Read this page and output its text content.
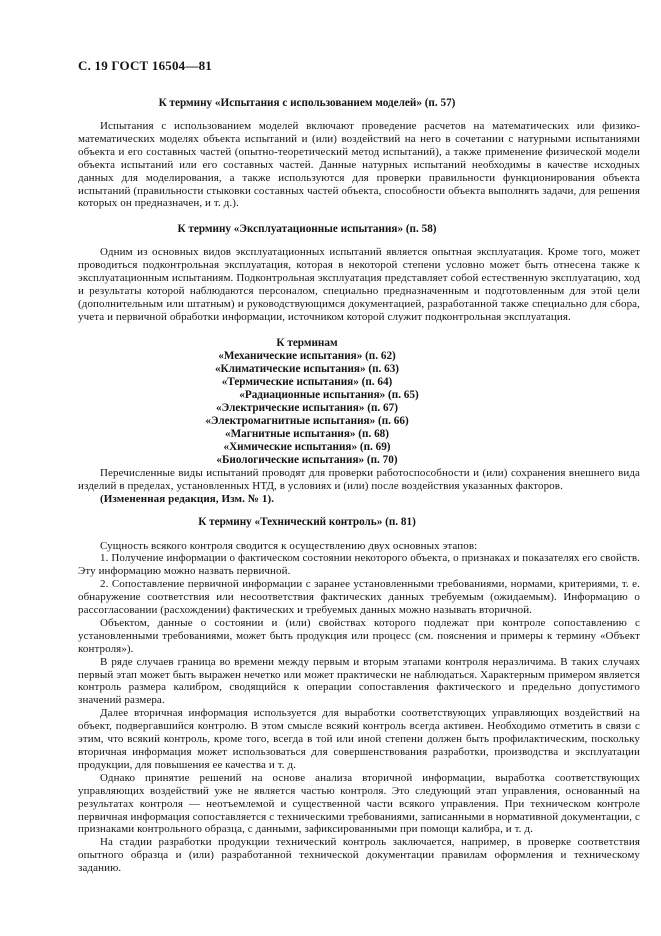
С. 19 ГОСТ 16504—81
К термину «Испытания с использованием моделей» (п. 57)

Испытания с использованием моделей включают проведение расчетов на математических или физико-математических моделях объекта испытаний и (или) воздействий на него в сочетании с натурными испытаниями объекта и его составных частей (опытно-теоретический метод испытаний), а также применение физической модели объекта испытаний или его составных частей. Данные натурных испытаний необходимы в качестве исходных данных для моделирования, а также используются для проверки правильности функционирования объекта испытаний (правильности стыковки составных частей объекта, способности объекта выполнять задачи, для решения которых он предназначен, и т. д.).

К термину «Эксплуатационные испытания» (п. 58)

Одним из основных видов эксплуатационных испытаний является опытная эксплуатация. Кроме того, может проводиться подконтрольная эксплуатация, которая в некоторой степени условно может быть отнесена также к эксплуатационным испытаниям. Подконтрольная эксплуатация представляет собой естественную эксплуатацию, ход и результаты которой наблюдаются персоналом, специально предназначенным и подготовленным для этой цели (дополнительным или штатным) и руководствующимся документацией, разработанной также специально для сбора, учета и первичной обработки информации, источником которой служит подконтрольная эксплуатация.

К терминам
«Механические испытания» (п. 62)
«Климатические испытания» (п. 63)
«Термические испытания» (п. 64)
«Радиационные испытания» (п. 65)
«Электрические испытания» (п. 67)
«Электромагнитные испытания» (п. 66)
«Магнитные испытания» (п. 68)
«Химические испытания» (п. 69)
«Биологические испытания» (п. 70)

Перечисленные виды испытаний проводят для проверки работоспособности и (или) сохранения внешнего вида изделий в пределах, установленных НТД, в условиях и (или) после воздействия указанных факторов.

(Измененная редакция, Изм. № 1).

К термину «Технический контроль» (п. 81)

Сущность всякого контроля сводится к осуществлению двух основных этапов:

1. Получение информации о фактическом состоянии некоторого объекта, о признаках и показателях его свойств. Эту информацию можно назвать первичной.

2. Сопоставление первичной информации с заранее установленными требованиями, нормами, критериями, т. е. обнаружение соответствия или несоответствия фактических данных требуемым (ожидаемым). Информацию о рассогласовании (расхождении) фактических и требуемых данных можно называть вторичной.

Объектом, данные о состоянии и (или) свойствах которого подлежат при контроле сопоставлению с установленными требованиями, может быть продукция или процесс (см. пояснения и примеры к термину «Объект контроля»).

В ряде случаев граница во времени между первым и вторым этапами контроля неразличима. В таких случаях первый этап может быть выражен нечетко или может практически не наблюдаться. Характерным примером является контроль размера калибром, сводящийся к операции сопоставления фактического и предельно допустимого значений размера.

Далее вторичная информация используется для выработки соответствующих управляющих воздействий на объект, подвергавшийся контролю. В этом смысле всякий контроль всегда активен. Необходимо отметить в связи с этим, что всякий контроль, кроме того, всегда в той или иной степени должен быть профилактическим, поскольку вторичная информация может использоваться для совершенствования разработки, производства и эксплуатации продукции, для повышения ее качества и т. д.

Однако принятие решений на основе анализа вторичной информации, выработка соответствующих управляющих воздействий уже не является частью контроля. Это следующий этап управления, основанный на результатах контроля — неотъемлемой и существенной части всякого управления. При техническом контроле первичная информация сопоставляется с техническими требованиями, записанными в нормативной документации, с признаками контрольного образца, с данными, зафиксированными при помощи калибра, и т. д.

На стадии разработки продукции технический контроль заключается, например, в проверке соответствия опытного образца и (или) разработанной технической документации правилам оформления и техническому заданию.
